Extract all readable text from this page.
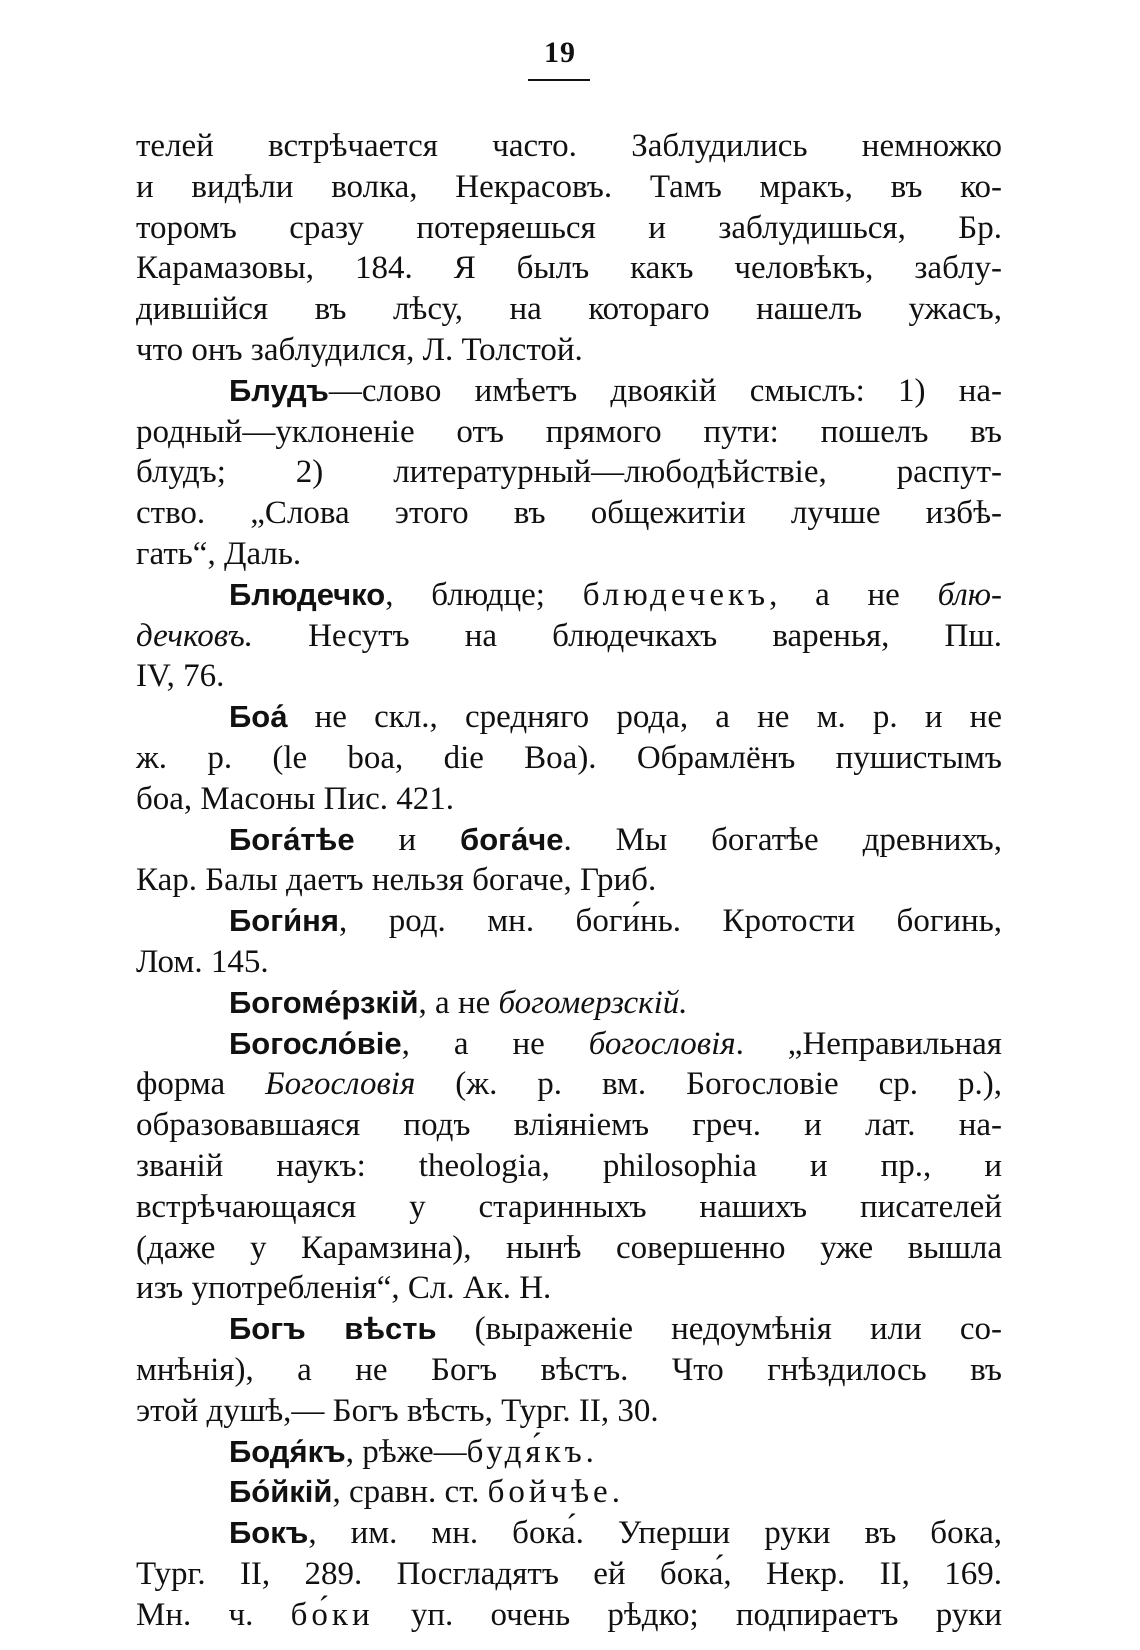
19
телей встрѣчается часто. Заблудились немножко
и видѣли волка, Некрасовъ. Тамъ мракъ, въ ко-
торомъ сразу потеряешься и заблудишься, Бр.
Карамазовы, 184. Я былъ какъ человѣкъ, заблу-
дившійся въ лѣсу, на котораго нашелъ ужасъ,
что онъ заблудился, Л. Толстой.
Блудъ—слово имѣетъ двоякій смыслъ: 1) на-
родный—уклоненіе отъ прямого пути: пошелъ въ
блудъ; 2) литературный—любодѣйствіе, распут-
ство. „Слова этого въ общежитіи лучше избѣ-
гать“, Даль.
Блюдечко, блюдце; блюдечекъ, а не блю-
дечковъ. Несутъ на блюдечкахъ варенья, Пш.
IV, 76.
Боа́ не скл., средняго рода, а не м. р. и не
ж. р. (le boa, die Boa). Обрамлёнъ пушистымъ
боа, Масоны Пис. 421.
Бога́тѣе и бога́че. Мы богатѣе древнихъ,
Кар. Балы даетъ нельзя богаче, Гриб.
Боги́ня, род. мн. боги́нь. Кротости богинь,
Лом. 145.
Богоме́рзкій, а не богомерзскій.
Богосло́віе, а не богословія. „Неправильная
форма Богословія (ж. р. вм. Богословіе ср. р.),
образовавшаяся подъ вліяніемъ греч. и лат. на-
званій наукъ: theologia, philosophia и пр., и
встрѣчающаяся у старинныхъ нашихъ писателей
(даже у Карамзина), нынѣ совершенно уже вышла
изъ употребленія“, Сл. Ак. Н.
Богъ вѣсть (выраженіе недоумѣнія или со-
мнѣнія), а не Богъ вѣстъ. Что гнѣздилось въ
этой душѣ,— Богъ вѣсть, Тург. II, 30.
Бодя́къ, рѣже—будя́къ.
Бо́йкій, сравн. ст. бойчѣе.
Бокъ, им. мн. бока́. Уперши руки въ бока,
Тург. II, 289. Посгладятъ ей бока́, Некр. II, 169.
Мн. ч. бо́ки уп. очень рѣдко; подпираетъ руки
